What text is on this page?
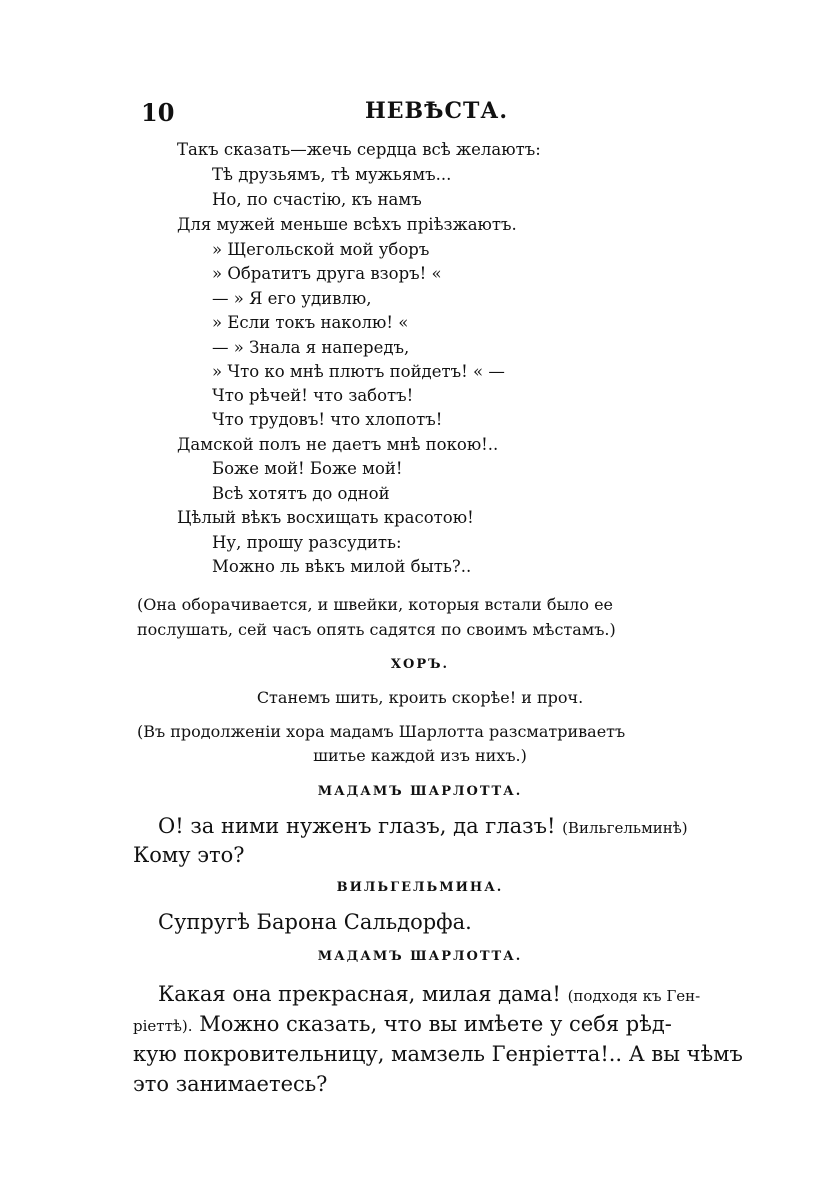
10	НЕВѢСТА.
Такъ сказать—жечь сердца всѣ желаютъ:
Тѣ друзьямъ, тѣ мужьямъ...
Но, по счастію, къ намъ
Для мужей меньше всѣхъ пріѣзжаютъ.
» Щегольской мой уборъ
» Обратитъ друга взоръ! «
— » Я его удивлю,
» Если токъ наколю! «
— » Знала я напередъ,
» Что ко мнѣ плютъ пойдетъ! « —
Что рѣчей! что заботъ!
Что трудовъ! что хлопотъ!
Дамской полъ не даетъ мнѣ покою!..
Боже мой! Боже мой!
Всѣ хотятъ до одной
Цѣлый вѣкъ восхищать красотою!
Ну, прошу разсудить:
Можно ль вѣкъ милой быть?..
(Она оборачивается, и швейки, которыя встали было ее
послушать, сей часъ опять садятся по своимъ мѣстамъ.)
ХОРЪ.
Станемъ шить, кроить скорѣе! и проч.
(Въ продолженіи хора мадамъ Шарлотта разсматриваетъ
шитье каждой изъ нихъ.)
МАДАМЪ ШАРЛОТТА.
О! за ними нуженъ глазъ, да глазъ! (Вильгельминѣ)
Кому это?
ВИЛЬГЕЛЬМИНА.
Супругѣ Барона Сальдорфа.
МАДАМЪ ШАРЛОТТА.
Какая она прекрасная, милая дама! (подходя къ Ген-
ріеттѣ). Можно сказать, что вы имѣете у себя рѣд-
кую покровительницу, мамзель Генріетта!.. А вы чѣмъ
это занимаетесь?
